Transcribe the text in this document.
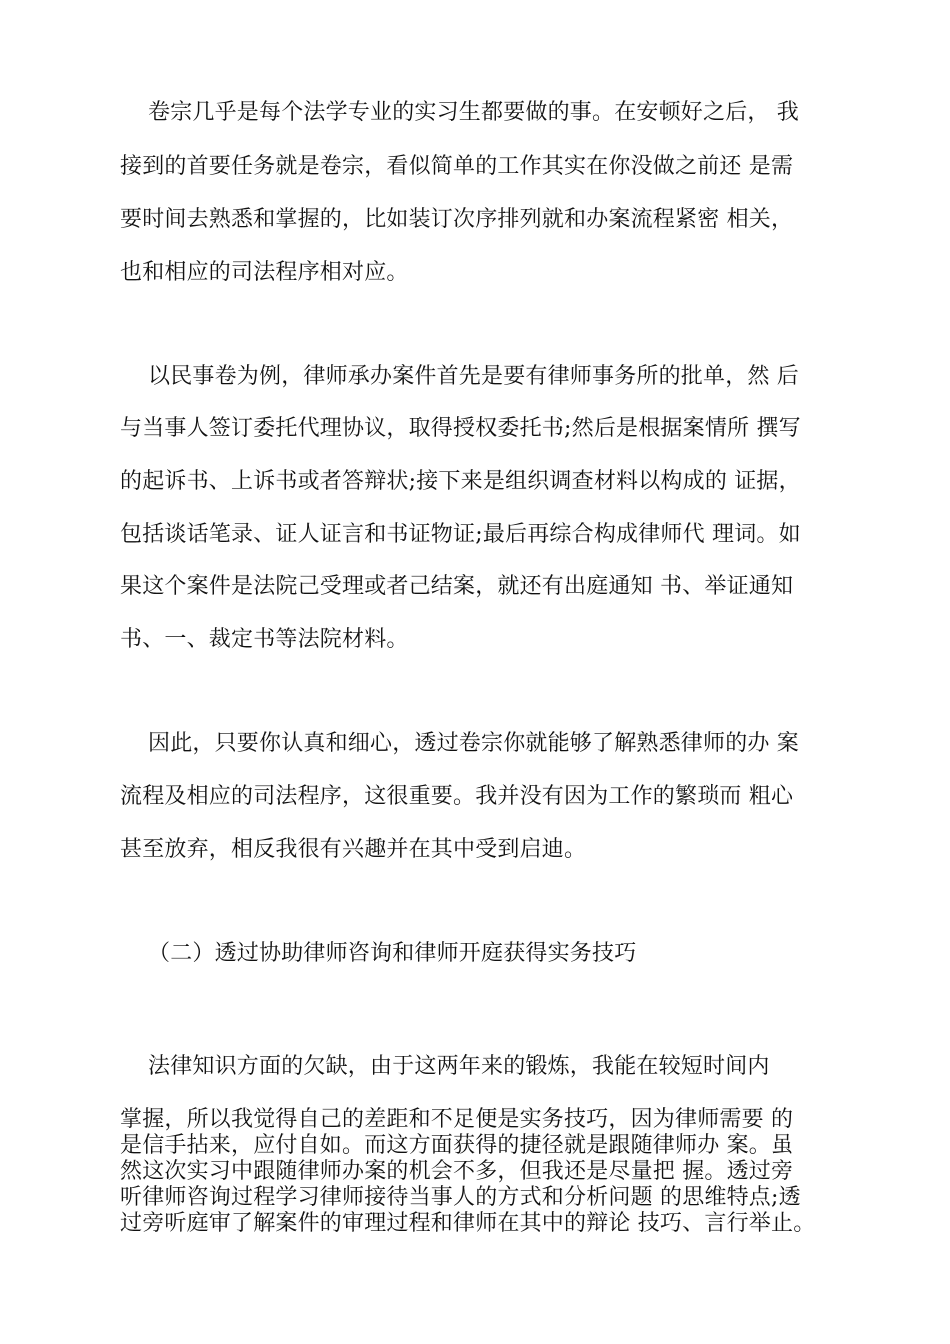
卷宗几乎是每个法学专业的实习生都要做的事。在安顿好之后， 我
接到的首要任务就是卷宗，看似简单的工作其实在你没做之前还 是需
要时间去熟悉和掌握的，比如装订次序排列就和办案流程紧密 相关，
也和相应的司法程序相对应。
以民事卷为例，律师承办案件首先是要有律师事务所的批单，然 后
与当事人签订委托代理协议，取得授权委托书;然后是根据案情所 撰写
的起诉书、上诉书或者答辩状;接下来是组织调查材料以构成的 证据，
包括谈话笔录、证人证言和书证物证;最后再综合构成律师代 理词。如
果这个案件是法院己受理或者己结案，就还有出庭通知 书、举证通知
书、一、裁定书等法院材料。
因此，只要你认真和细心，透过卷宗你就能够了解熟悉律师的办 案
流程及相应的司法程序，这很重要。我并没有因为工作的繁琐而 粗心
甚至放弃，相反我很有兴趣并在其中受到启迪。
（二）透过协助律师咨询和律师开庭获得实务技巧
法律知识方面的欠缺，由于这两年来的锻炼，我能在较短时间内
掌握，所以我觉得自己的差距和不足便是实务技巧，因为律师需要 的
是信手拈来，应付自如。而这方面获得的捷径就是跟随律师办 案。虽
然这次实习中跟随律师办案的机会不多，但我还是尽量把 握。透过旁
听律师咨询过程学习律师接待当事人的方式和分析问题 的思维特点;透
过旁听庭审了解案件的审理过程和律师在其中的辩论 技巧、言行举止。
